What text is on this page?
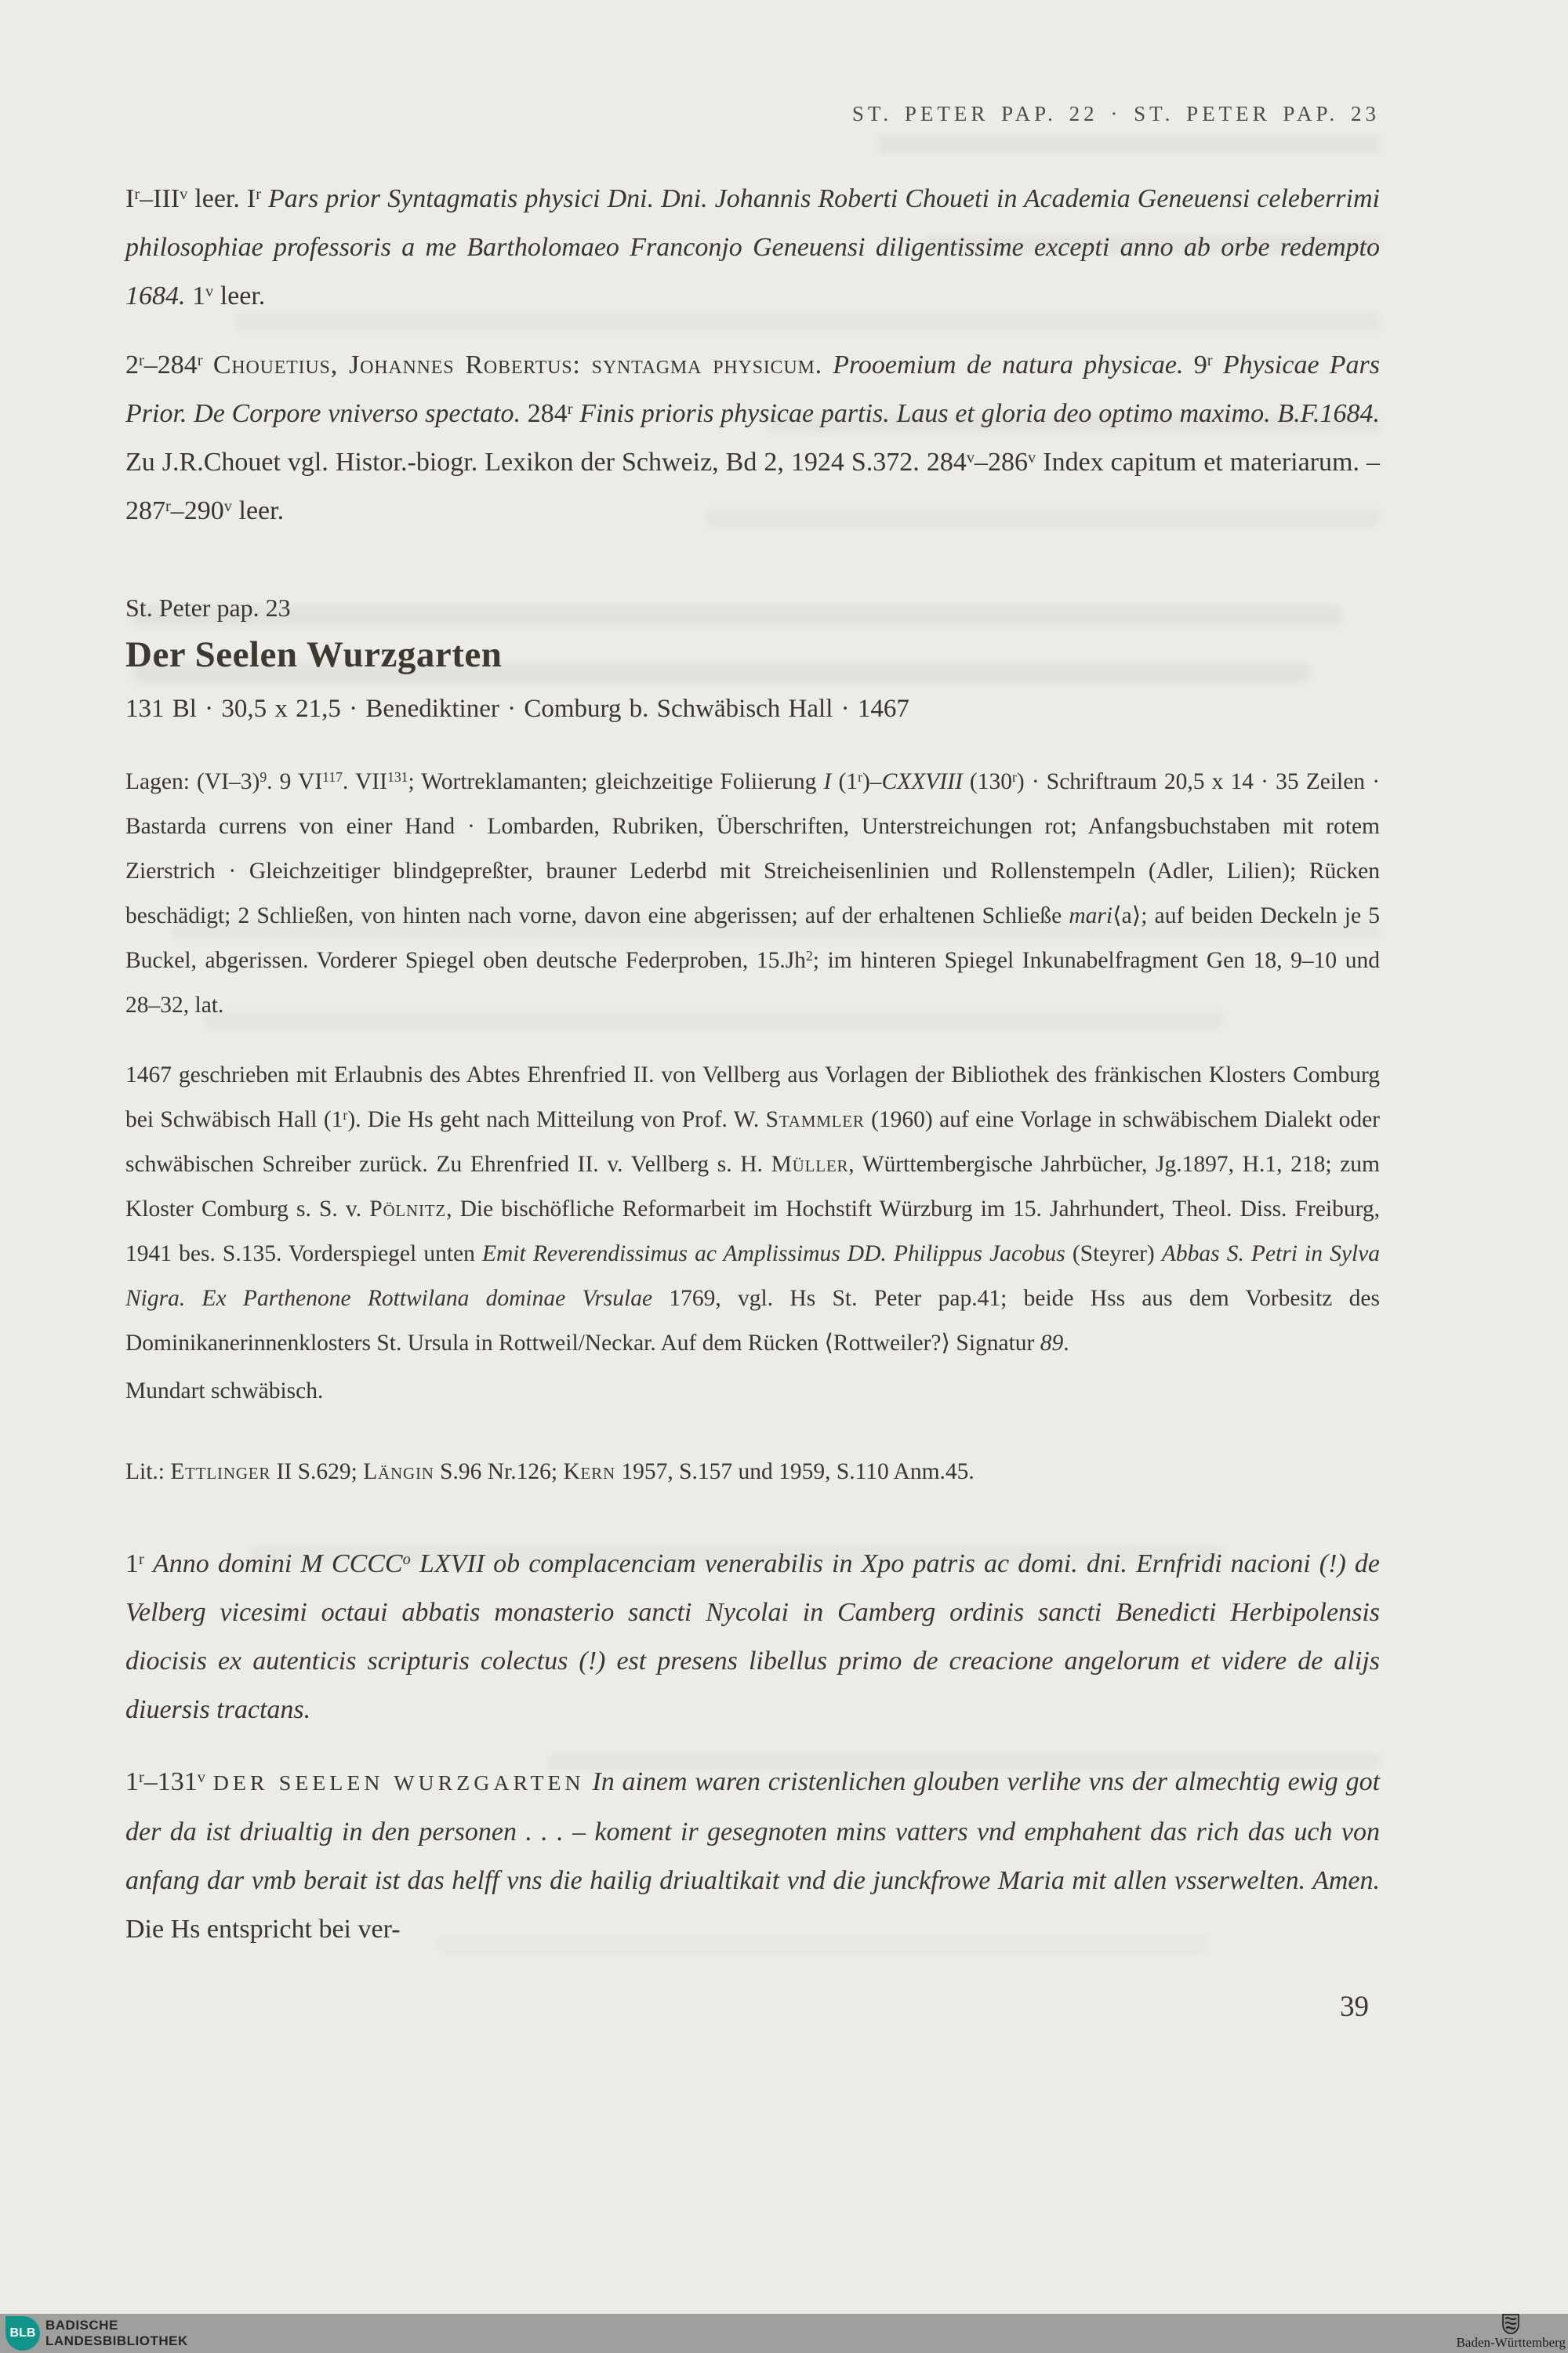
ST. PETER PAP. 22 · ST. PETER PAP. 23

$I^r-III^v$ leer. $I^r$ Pars prior Syntagmatis physici Dni. Dni. Johannis Roberti Choueti in Academia Geneuensi celeberrimi philosophiae professoris a me Bartholomaeo Franconjo Geneuensi diligentissime excepti anno ab orbe redempto 1684. 1$^v$ leer.

2$^r$–284$^r$ Chouetius, Johannes Robertus: syntagma physicum. Prooemium de natura physicae. 9$^r$ Physicae Pars Prior. De Corpore vniverso spectato. 284$^r$ Finis prioris physicae partis. Laus et gloria deo optimo maximo. B.F.1684. Zu J.R.Chouet vgl. Histor.-biogr. Lexikon der Schweiz, Bd 2, 1924 S.372. 284$^v$–286$^v$ Index capitum et materiarum. – 287$^r$–290$^v$ leer.

St. Peter pap. 23
Der Seelen Wurzgarten
131 Bl · 30,5 x 21,5 · Benediktiner · Comburg b. Schwäbisch Hall · 1467

Lagen: $(VI-3)^9$. 9 VI$^{117}$. VII$^{131}$; Wortreklamanten; gleichzeitige Foliierung I (1$^r$)–CXXVIII $(130^r)$ · Schriftraum 20,5 x 14 · 35 Zeilen · Bastarda currens von einer Hand · Lombarden, Rubriken, Überschriften, Unterstreichungen rot; Anfangsbuchstaben mit rotem Zierstrich · Gleichzeitiger blindgepreßter, brauner Lederbd mit Streicheisenlinien und Rollenstempeln (Adler, Lilien); Rücken beschädigt; 2 Schließen, von hinten nach vorne, davon eine abgerissen; auf der erhaltenen Schließe mari⟨a⟩; auf beiden Deckeln je 5 Buckel, abgerissen. Vorderer Spiegel oben deutsche Federproben, 15.Jh$^2$; im hinteren Spiegel Inkunabelfragment Gen 18, 9–10 und 28–32, lat.

1467 geschrieben mit Erlaubnis des Abtes Ehrenfried II. von Vellberg aus Vorlagen der Bibliothek des fränkischen Klosters Comburg bei Schwäbisch Hall (1$^r$). Die Hs geht nach Mitteilung von Prof. W. Stammler (1960) auf eine Vorlage in schwäbischem Dialekt oder schwäbischen Schreiber zurück. Zu Ehrenfried II. v. Vellberg s. H. Müller, Württembergische Jahrbücher, Jg.1897, H.1, 218; zum Kloster Comburg s. S. v. Pölnitz, Die bischöfliche Reformarbeit im Hochstift Würzburg im 15. Jahrhundert, Theol. Diss. Freiburg, 1941 bes. S.135. Vorderspiegel unten Emit Reverendissimus ac Amplissimus DD. Philippus Jacobus (Steyrer) Abbas S. Petri in Sylva Nigra. Ex Parthenone Rottwilana dominae Vrsulae 1769, vgl. Hs St. Peter pap.41; beide Hss aus dem Vorbesitz des Dominikanerinnenklosters St. Ursula in Rottweil/Neckar. Auf dem Rücken ⟨Rottweiler?⟩ Signatur 89.

Mundart schwäbisch.

Lit.: Ettlinger II S.629; Längin S.96 Nr.126; Kern 1957, S.157 und 1959, S.110 Anm.45.

1$^r$ Anno domini M CCCC$^o$ LXVII ob complacenciam venerabilis in Xpo patris ac domi. dni. Ernfridi nacioni (!) de Velberg vicesimi octaui abbatis monasterio sancti Nycolai in Camberg ordinis sancti Benedicti Herbipolensis diocisis ex autenticis scripturis colectus (!) est presens libellus primo de creacione angelorum et videre de alijs diuersis tractans.

1$^r$–131$^v$ DER SEELEN WURZGARTEN In ainem waren cristenlichen glouben verlihe vns der almechtig ewig got der da ist driualtig in den personen . . . – koment ir gesegnoten mins vatters vnd emphahent das rich das uch von anfang dar vmb berait ist das helff vns die hailig driualtikait vnd die junckfrowe Maria mit allen vsserwelten. Amen. Die Hs entspricht bei ver-

39
BLB
BADISCHE
LANDESBIBLIOTHEK	Baden-Württemberg
